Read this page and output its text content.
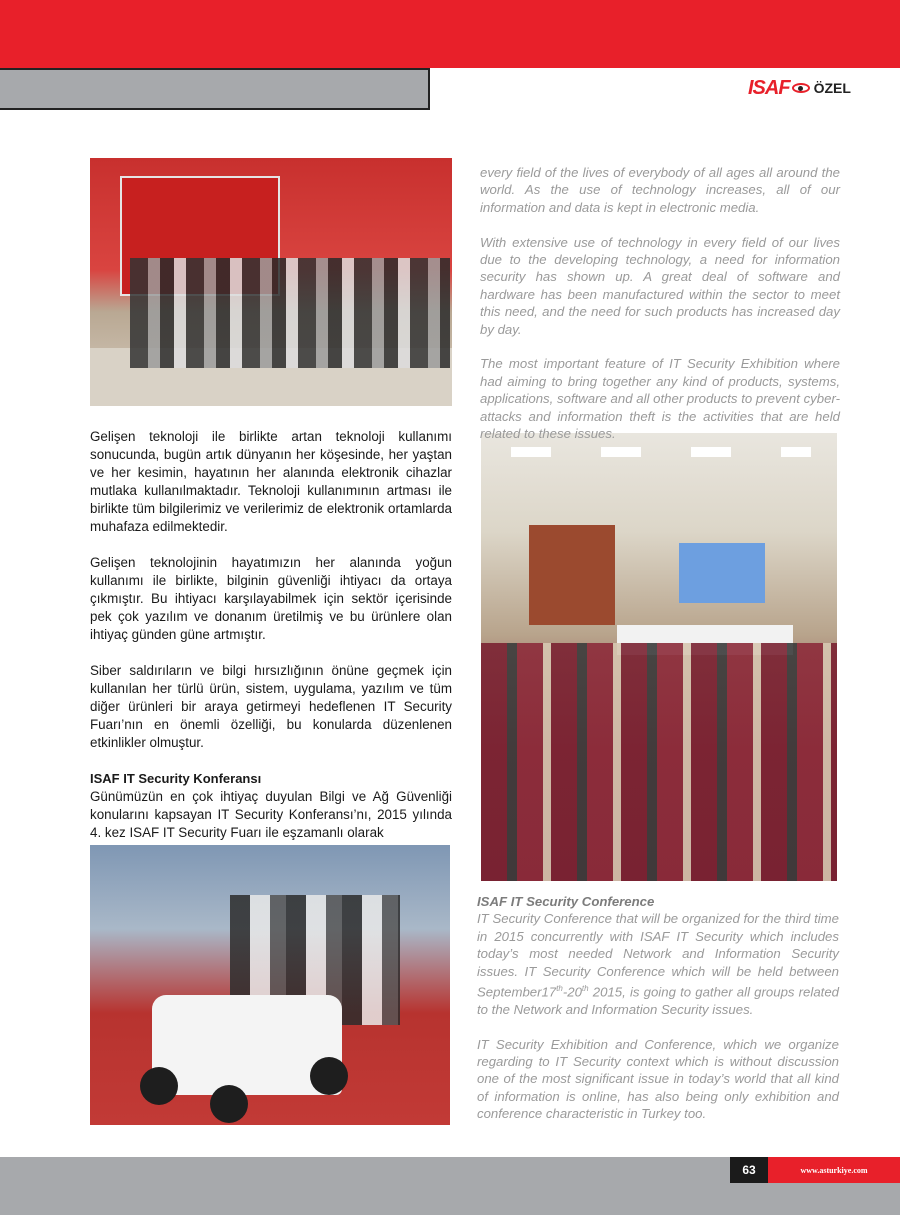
ISAF ÖZEL

Gelişen teknoloji ile birlikte artan teknoloji kullanımı sonucunda, bugün artık dünyanın her köşesinde, her yaştan ve her kesimin, hayatının her alanında elektronik cihazlar mutlaka kullanılmaktadır. Teknoloji kullanımının artması ile birlikte tüm bilgilerimiz ve verilerimiz de elektronik ortamlarda muhafaza edilmektedir.

Gelişen teknolojinin hayatımızın her alanında yoğun kullanımı ile birlikte, bilginin güvenliği ihtiyacı da ortaya çıkmıştır. Bu ihtiyacı karşılayabilmek için sektör içerisinde pek çok yazılım ve donanım üretilmiş ve bu ürünlere olan ihtiyaç günden güne artmıştır.

Siber saldırıların ve bilgi hırsızlığının önüne geçmek için kullanılan her türlü ürün, sistem, uygulama, yazılım ve tüm diğer ürünleri bir araya getirmeyi hedeflenen IT Security Fuarı’nın en önemli özelliği, bu konularda düzenlenen etkinlikler olmuştur.

ISAF IT Security Konferansı

Günümüzün en çok ihtiyaç duyulan Bilgi ve Ağ Güvenliği konularını kapsayan IT Security Konferansı’nı, 2015 yılında 4. kez ISAF IT Security Fuarı ile eşzamanlı olarak

every field of the lives of everybody of all ages all around the world. As the use of technology increases, all of our information and data is kept in electronic media.

With extensive use of technology in every field of our lives due to the developing technology, a need for information security has shown up. A great deal of software and hardware has been manufactured within the sector to meet this need, and the need for such products has increased day by day.

The most important feature of IT Security Exhibition where had aiming to bring together any kind of products, systems, applications, software and all other products to prevent cyber-attacks and information theft is the activities that are held related to these issues.

ISAF IT Security Conference

IT Security Conference that will be organized for the third time in 2015 concurrently with ISAF IT Security which includes today’s most needed Network and Information Security issues. IT Security Conference which will be held between September17th-20th 2015, is going to gather all groups related to the Network and Information Security issues.

IT Security Exhibition and Conference, which we organize regarding to IT Security context which is without discussion one of the most significant issue in today’s world that all kind of information is online, has also being only exhibition and conference characteristic in Turkey too.

63	www.asturkiye.com
